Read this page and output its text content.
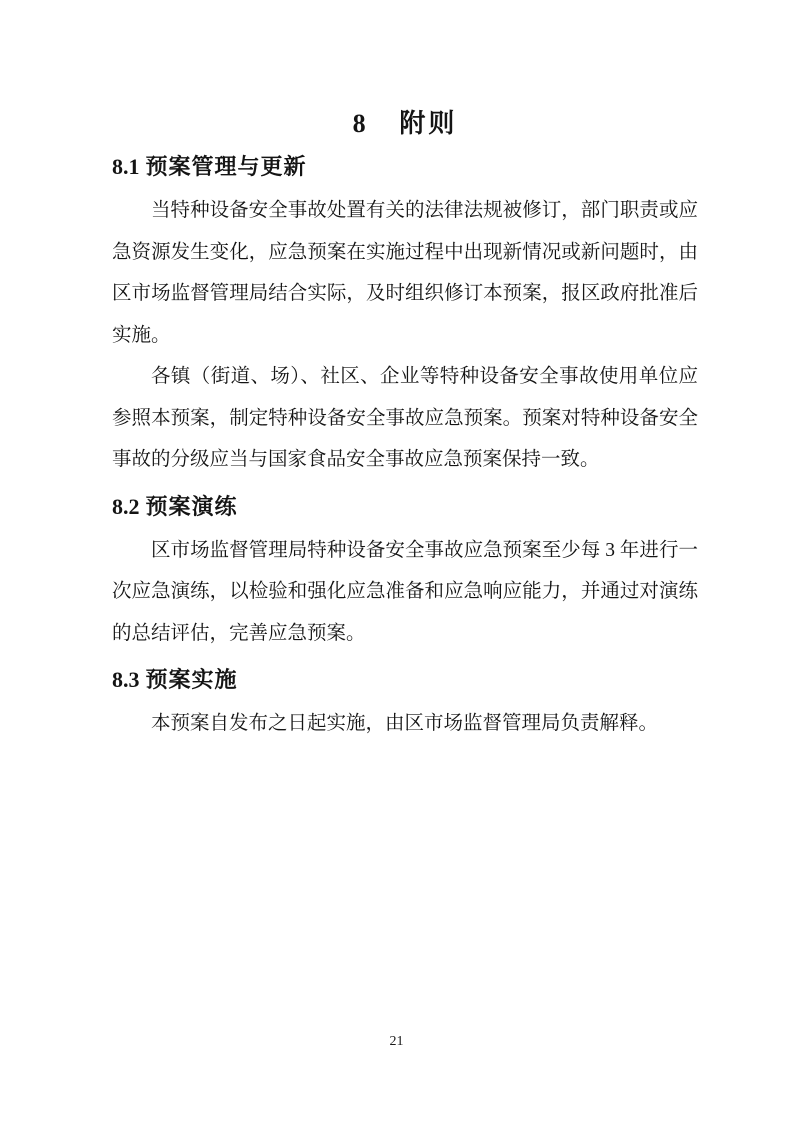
8 附则
8.1 预案管理与更新

当特种设备安全事故处置有关的法律法规被修订，部门职责或应急资源发生变化，应急预案在实施过程中出现新情况或新问题时，由区市场监督管理局结合实际，及时组织修订本预案，报区政府批准后实施。

各镇（街道、场）、社区、企业等特种设备安全事故使用单位应参照本预案，制定特种设备安全事故应急预案。预案对特种设备安全事故的分级应当与国家食品安全事故应急预案保持一致。

8.2 预案演练

区市场监督管理局特种设备安全事故应急预案至少每 3 年进行一次应急演练，以检验和强化应急准备和应急响应能力，并通过对演练的总结评估，完善应急预案。

8.3 预案实施

本预案自发布之日起实施，由区市场监督管理局负责解释。

21
